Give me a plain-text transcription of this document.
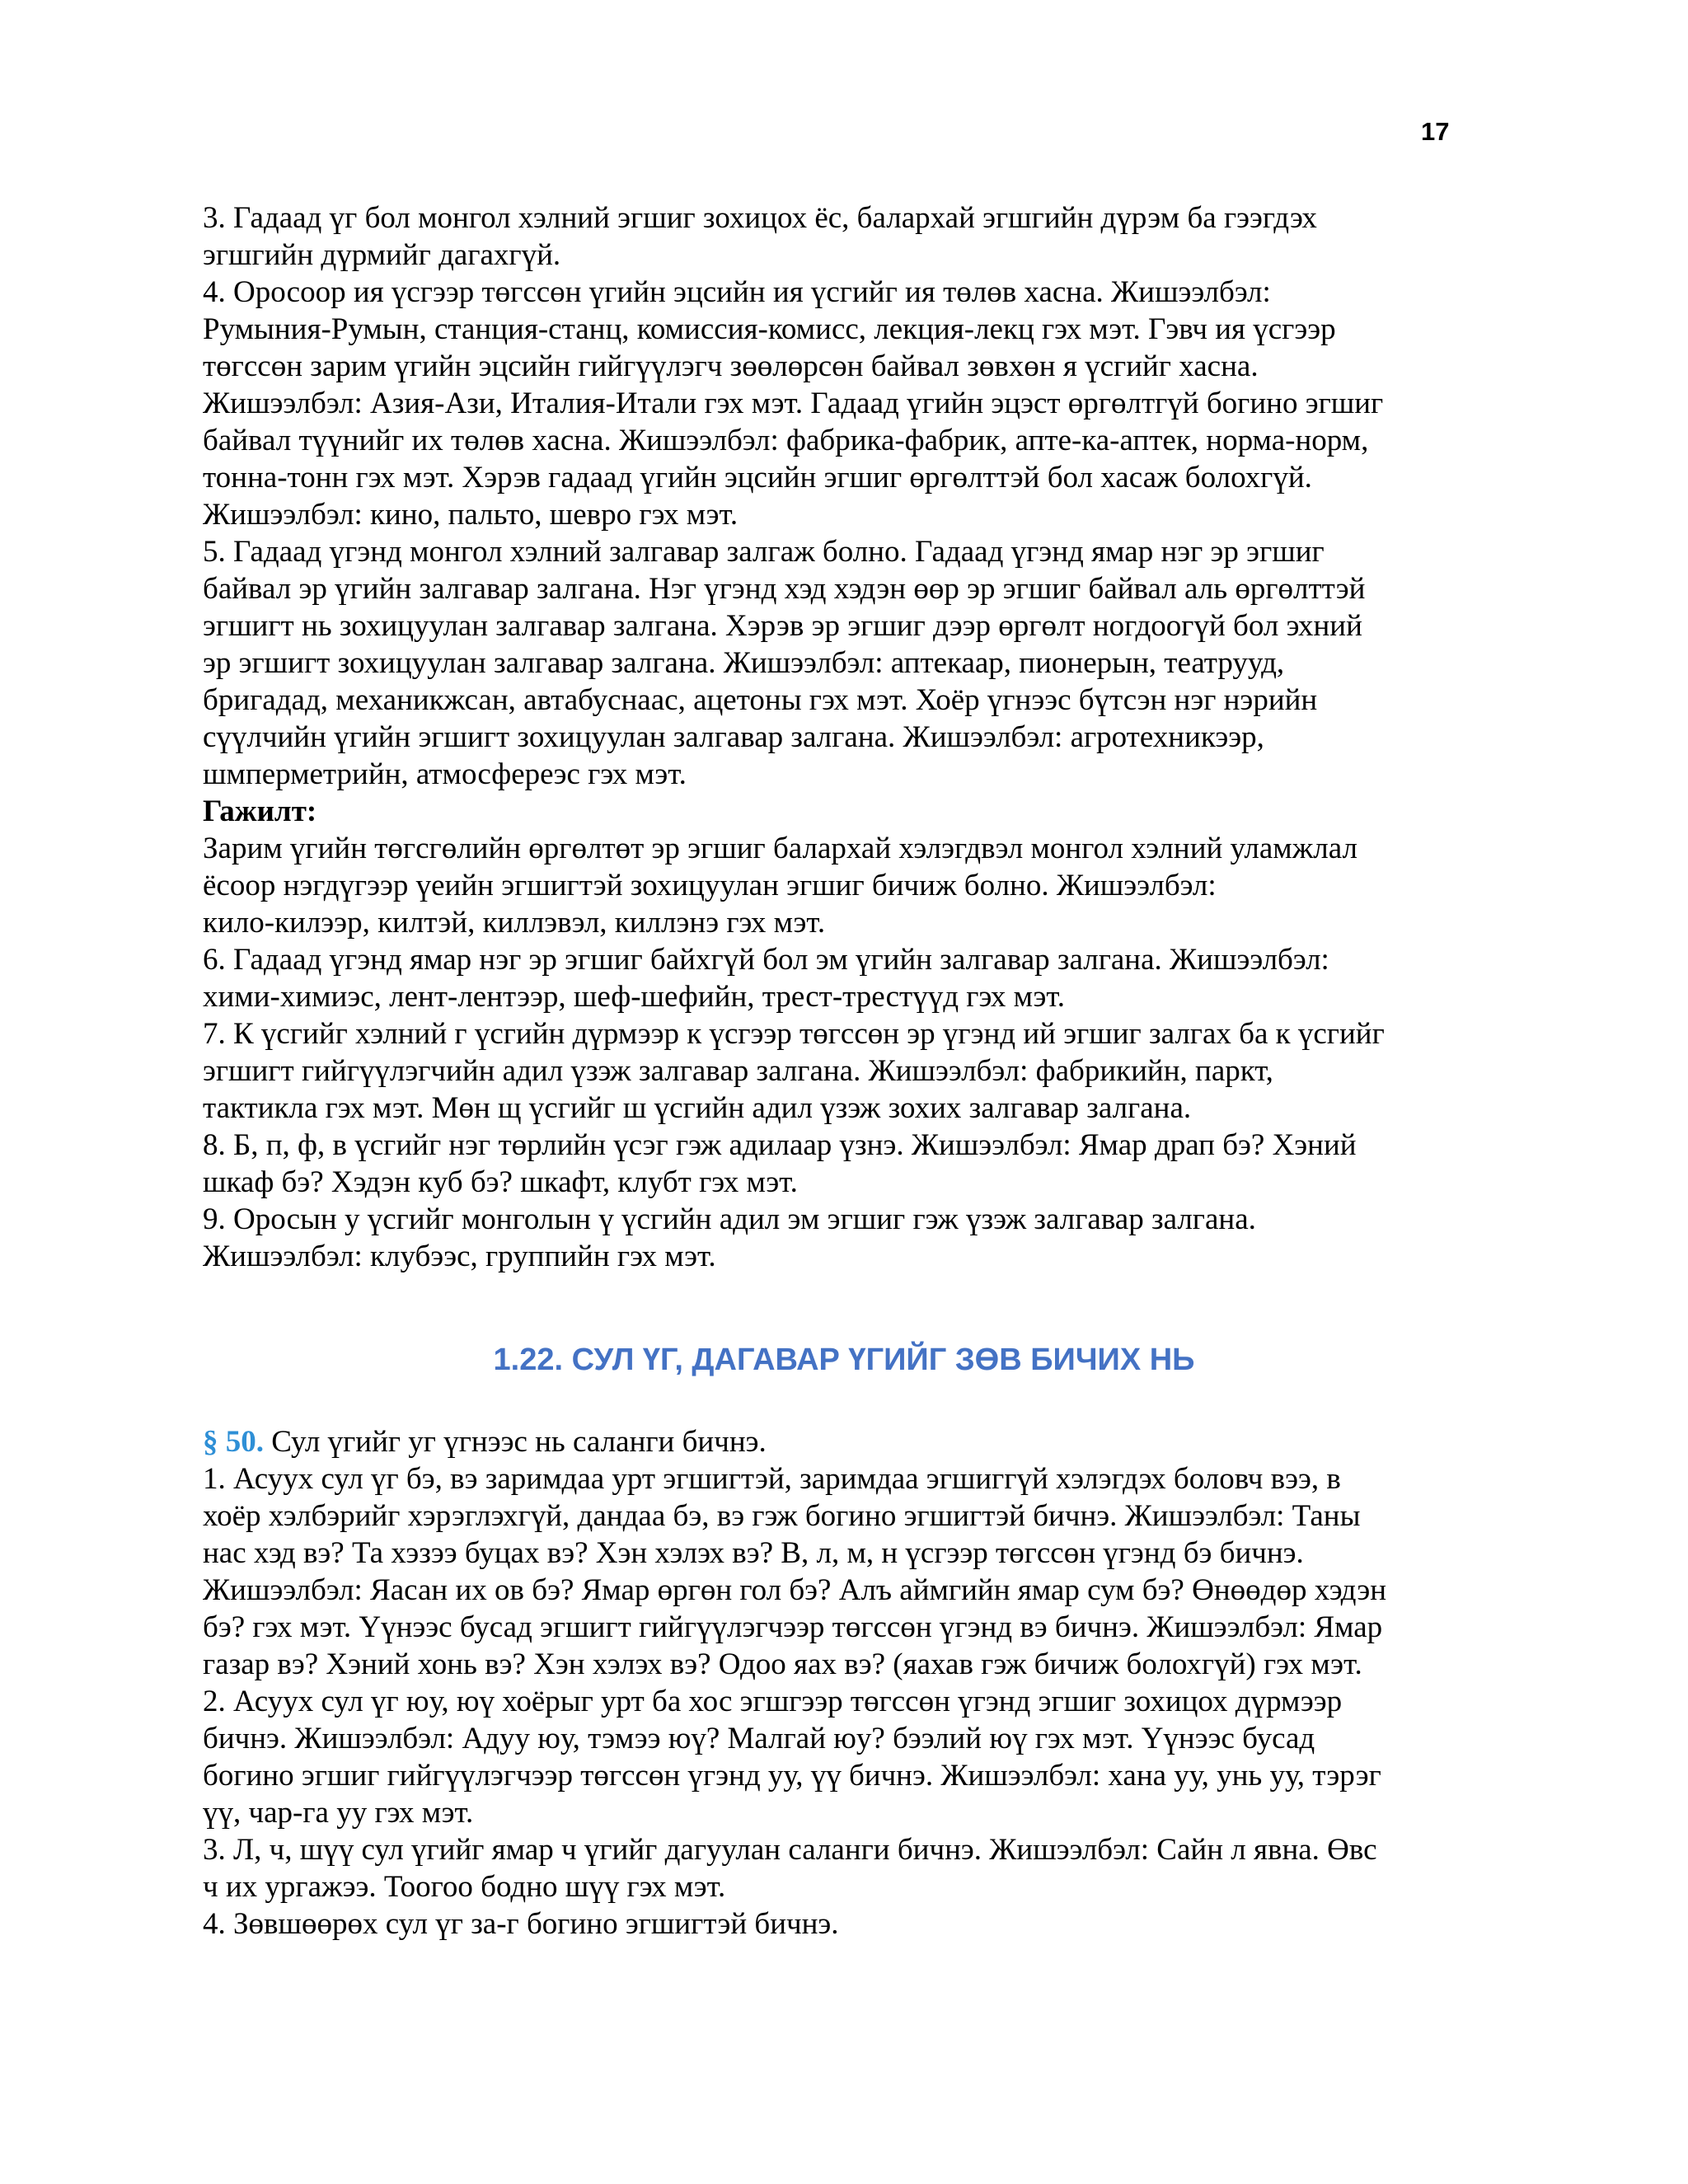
17

3. Гадаад үг бол монгол хэлний эгшиг зохицох ёс, балархай эгшгийн дүрэм ба гээгдэх

эгшгийн дүрмийг дагахгүй.

4. Оросоор ия үсгээр төгссөн үгийн эцсийн ия үсгийг ия төлөв хасна. Жишээлбэл:

Румыния-Румын, станция-станц, комиссия-комисс, лекция-лекц гэх мэт. Гэвч ия үсгээр

төгссөн зарим үгийн эцсийн гийгүүлэгч зөөлөрсөн байвал зөвхөн я үсгийг хасна.

Жишээлбэл: Азия-Ази, Италия-Итали гэх мэт. Гадаад үгийн эцэст өргөлтгүй богино эгшиг

байвал түүнийг их төлөв хасна. Жишээлбэл: фабрика-фабрик, апте-ка-аптек, норма-норм,

тонна-тонн гэх мэт. Хэрэв гадаад үгийн эцсийн эгшиг өргөлттэй бол хасаж болохгүй.

Жишээлбэл: кино, пальто, шевро гэх мэт.

5. Гадаад үгэнд монгол хэлний залгавар залгаж болно. Гадаад үгэнд ямар нэг эр эгшиг

байвал эр үгийн залгавар залгана. Нэг үгэнд хэд хэдэн өөр эр эгшиг байвал аль өргөлттэй

эгшигт нь зохицуулан залгавар залгана. Хэрэв эр эгшиг дээр өргөлт ногдоогүй бол эхний

эр эгшигт зохицуулан залгавар залгана. Жишээлбэл: аптекаар, пионерын, театрууд,

бригадад, механикжсан, автабуснаас, ацетоны гэх мэт. Хоёр үгнээс бүтсэн нэг нэрийн

сүүлчийн үгийн эгшигт зохицуулан залгавар залгана. Жишээлбэл: агротехникээр,

шмперметрийн, атмосфереэс гэх мэт.

Гажилт:

Зарим үгийн төгсгөлийн өргөлтөт эр эгшиг балархай хэлэгдвэл монгол хэлний уламжлал

ёсоор нэгдүгээр үеийн эгшигтэй зохицуулан эгшиг бичиж болно. Жишээлбэл:

кило-килээр, килтэй, киллэвэл, киллэнэ гэх мэт.

6. Гадаад үгэнд ямар нэг эр эгшиг байхгүй бол эм үгийн залгавар залгана. Жишээлбэл:

хими-химиэс, лент-лентээр, шеф-шефийн, трест-трестүүд гэх мэт.

7. К үсгийг хэлний г үсгийн дүрмээр к үсгээр төгссөн эр үгэнд ий эгшиг залгах ба к үсгийг

эгшигт гийгүүлэгчийн адил үзэж залгавар залгана. Жишээлбэл: фабрикийн, паркт,

тактикла гэх мэт. Мөн щ үсгийг ш үсгийн адил үзэж зохих залгавар залгана.

8. Б, п, ф, в үсгийг нэг төрлийн үсэг гэж адилаар үзнэ. Жишээлбэл: Ямар драп бэ? Хэний

шкаф бэ? Хэдэн куб бэ? шкафт, клубт гэх мэт.

9. Оросын у үсгийг монголын ү үсгийн адил эм эгшиг гэж үзэж залгавар залгана.

Жишээлбэл: клубээс, группийн гэх мэт.

1.22. СУЛ ҮГ, ДАГАВАР ҮГИЙГ ЗӨВ БИЧИХ НЬ

§ 50. Сул үгийг уг үгнээс нь саланги бичнэ.

1. Асуух сул үг бэ, вэ заримдаа урт эгшигтэй, заримдаа эгшиггүй хэлэгдэх боловч вээ, в

хоёр хэлбэрийг хэрэглэхгүй, дандаа бэ, вэ гэж богино эгшигтэй бичнэ. Жишээлбэл: Таны

нас хэд вэ? Та хэзээ буцах вэ? Хэн хэлэх вэ? В, л, м, н үсгээр төгссөн үгэнд бэ бичнэ.

Жишээлбэл: Яасан их ов бэ? Ямар өргөн гол бэ? Алъ аймгийн ямар сум бэ? Өнөөдөр хэдэн

бэ? гэх мэт. Үүнээс бусад эгшигт гийгүүлэгчээр төгссөн үгэнд вэ бичнэ. Жишээлбэл: Ямар

газар вэ? Хэний хонь вэ? Хэн хэлэх вэ? Одоо яах вэ? (яахав гэж бичиж болохгүй) гэх мэт.

2. Асуух сул үг юу, юү хоёрыг урт ба хос эгшгээр төгссөн үгэнд эгшиг зохицох дүрмээр

бичнэ. Жишээлбэл: Адуу юу, тэмээ юү? Малгай юу? бээлий юү гэх мэт. Үүнээс бусад

богино эгшиг гийгүүлэгчээр төгссөн үгэнд уу, үү бичнэ. Жишээлбэл: хана уу, унь уу, тэрэг

үү, чар-га уу гэх мэт.

3. Л, ч, шүү сул үгийг ямар ч үгийг дагуулан саланги бичнэ. Жишээлбэл: Сайн л явна. Өвс

ч их ургажээ. Тоогоо бодно шүү гэх мэт.

4. Зөвшөөрөх сул үг за-г богино эгшигтэй бичнэ.
